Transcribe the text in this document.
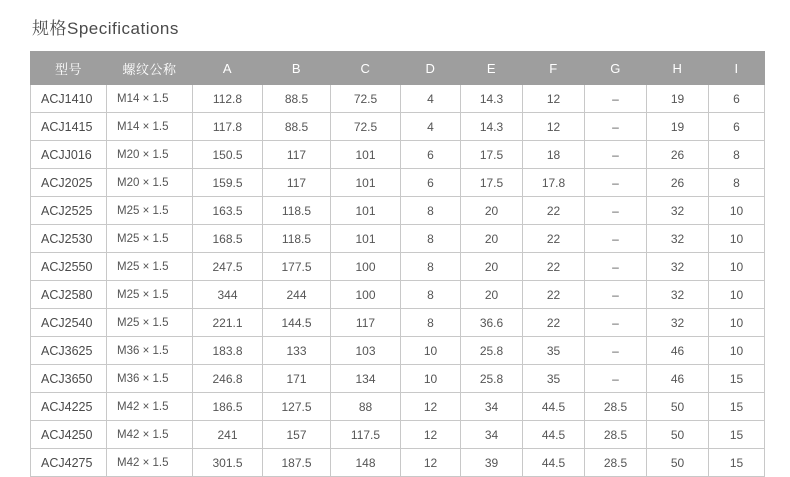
规格Specifications
型号	螺纹公称	A	B	C	D	E	F	G	H	I
ACJ1410	M14 × 1.5	112.8	88.5	72.5	4	14.3	12	–	19	6
ACJ1415	M14 × 1.5	117.8	88.5	72.5	4	14.3	12	–	19	6
ACJJ016	M20 × 1.5	150.5	117	101	6	17.5	18	–	26	8
ACJ2025	M20 × 1.5	159.5	117	101	6	17.5	17.8	–	26	8
ACJ2525	M25 × 1.5	163.5	118.5	101	8	20	22	–	32	10
ACJ2530	M25 × 1.5	168.5	118.5	101	8	20	22	–	32	10
ACJ2550	M25 × 1.5	247.5	177.5	100	8	20	22	–	32	10
ACJ2580	M25 × 1.5	344	244	100	8	20	22	–	32	10
ACJ2540	M25 × 1.5	221.1	144.5	117	8	36.6	22	–	32	10
ACJ3625	M36 × 1.5	183.8	133	103	10	25.8	35	–	46	10
ACJ3650	M36 × 1.5	246.8	171	134	10	25.8	35	–	46	15
ACJ4225	M42 × 1.5	186.5	127.5	88	12	34	44.5	28.5	50	15
ACJ4250	M42 × 1.5	241	157	117.5	12	34	44.5	28.5	50	15
ACJ4275	M42 × 1.5	301.5	187.5	148	12	39	44.5	28.5	50	15
